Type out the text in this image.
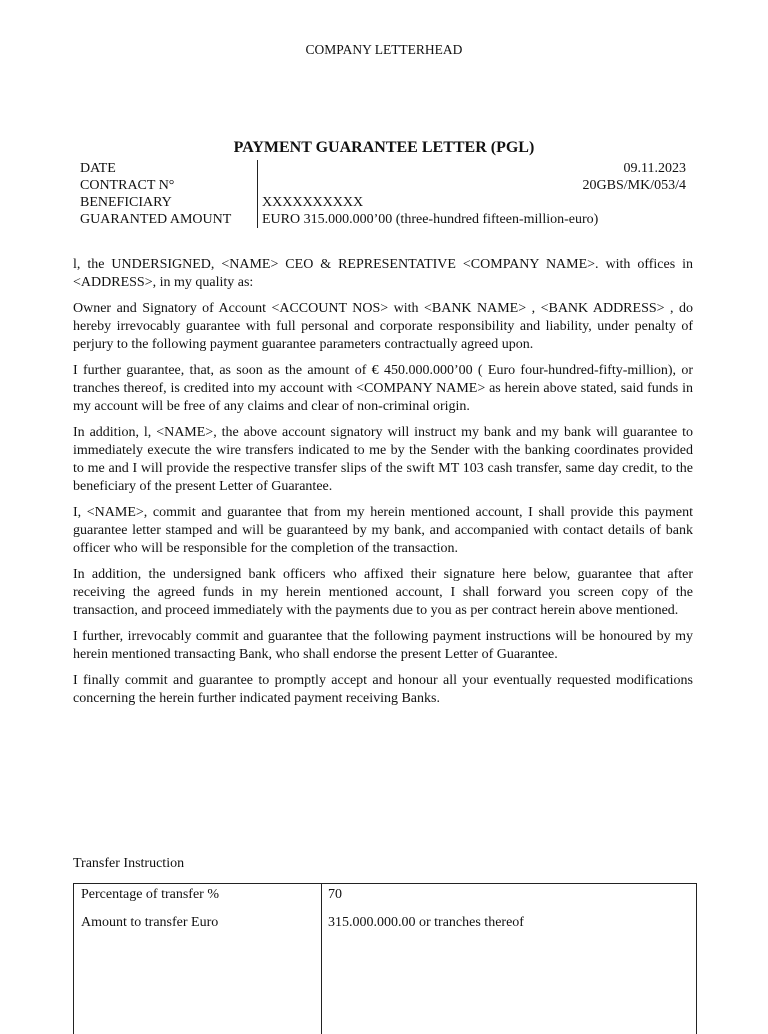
COMPANY LETTERHEAD
PAYMENT GUARANTEE LETTER (PGL)
DATE	09.11.2023
CONTRACT N°	20GBS/MK/053/4
BENEFICIARY	XXXXXXXXXX
GUARANTED AMOUNT EURO 315.000.000’00 (three-hundred fifteen-million-euro)

l, the UNDERSIGNED, <NAME> CEO & REPRESENTATIVE <COMPANY NAME>. with offices in <ADDRESS>, in my quality as:

Owner and Signatory of Account <ACCOUNT NOS> with <BANK NAME> , <BANK ADDRESS> , do hereby irrevocably guarantee with full personal and corporate responsibility and liability, under penalty of perjury to the following payment guarantee parameters contractually agreed upon.

I further guarantee, that, as soon as the amount of € 450.000.000’00 ( Euro four-hundred-fifty-million), or tranches thereof, is credited into my account with <COMPANY NAME> as herein above stated, said funds in my account will be free of any claims and clear of non-criminal origin.

In addition, l, <NAME>, the above account signatory will instruct my bank and my bank will guarantee to immediately execute the wire transfers indicated to me by the Sender with the banking coordinates provided to me and I will provide the respective transfer slips of the swift MT 103 cash transfer, same day credit, to the beneficiary of the present Letter of Guarantee.

I, <NAME>, commit and guarantee that from my herein mentioned account, I shall provide this payment guarantee letter stamped and will be guaranteed by my bank, and accompanied with contact details of bank officer who will be responsible for the completion of the transaction.

In addition, the undersigned bank officers who affixed their signature here below, guarantee that after receiving the agreed funds in my herein mentioned account, I shall forward you screen copy of the transaction, and proceed immediately with the payments due to you as per contract herein above mentioned.

I further, irrevocably commit and guarantee that the following payment instructions will be honoured by my herein mentioned transacting Bank, who shall endorse the present Letter of Guarantee.

I finally commit and guarantee to promptly accept and honour all your eventually requested modifications concerning the herein further indicated payment receiving Banks.

Transfer Instruction
Percentage of transfer %	70
Amount to transfer Euro	315.000.000.00 or tranches thereof
